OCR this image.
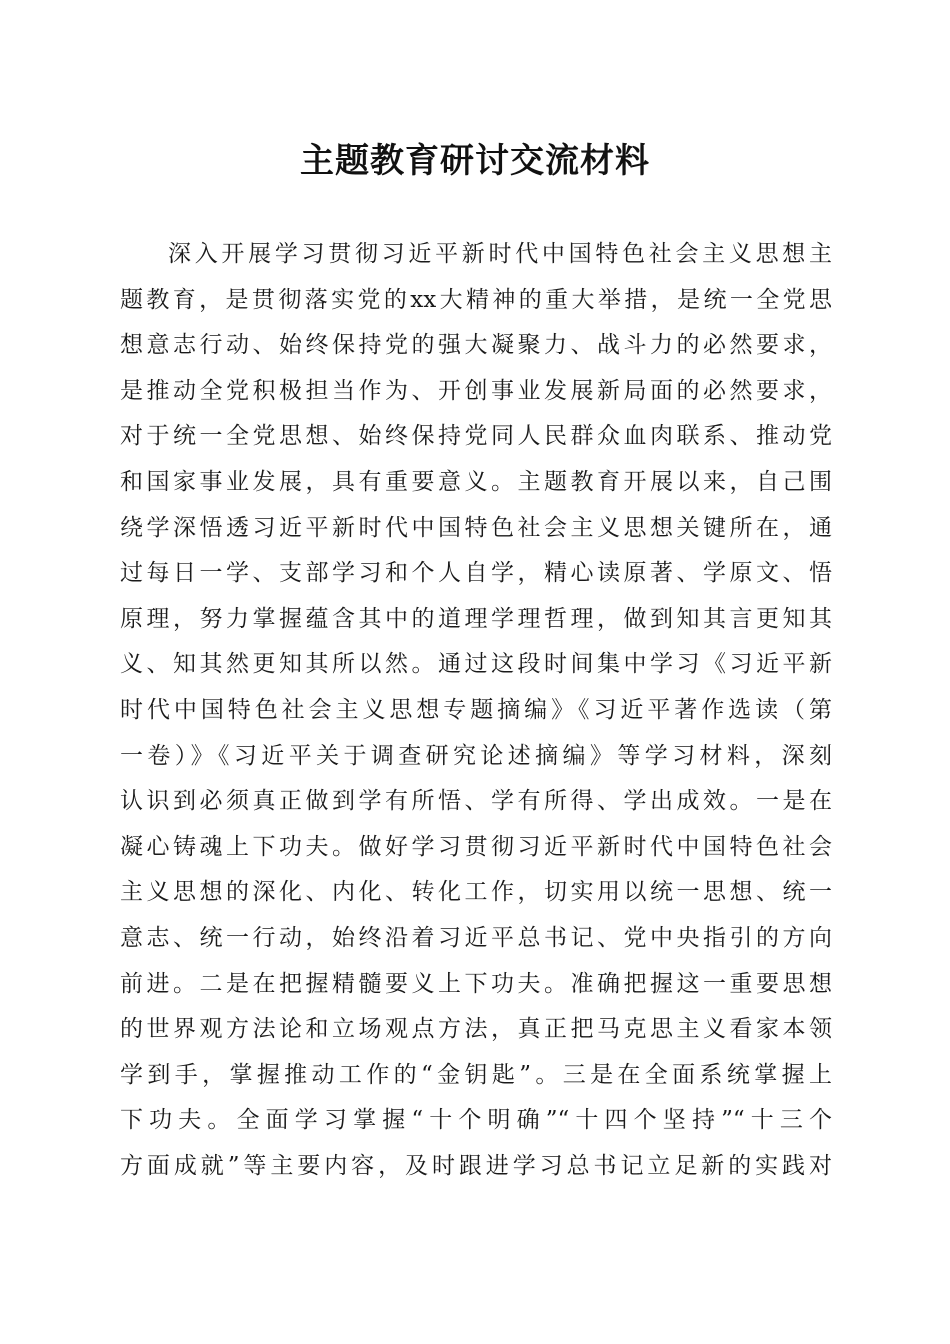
主题教育研讨交流材料
深入开展学习贯彻习近平新时代中国特色社会主义思想主
题教育，是贯彻落实党的xx大精神的重大举措，是统一全党思
想意志行动、始终保持党的强大凝聚力、战斗力的必然要求，
是推动全党积极担当作为、开创事业发展新局面的必然要求，
对于统一全党思想、始终保持党同人民群众血肉联系、推动党
和国家事业发展，具有重要意义。主题教育开展以来，自己围
绕学深悟透习近平新时代中国特色社会主义思想关键所在，通
过每日一学、支部学习和个人自学，精心读原著、学原文、悟
原理，努力掌握蕴含其中的道理学理哲理，做到知其言更知其
义、知其然更知其所以然。通过这段时间集中学习《习近平新
时代中国特色社会主义思想专题摘编》《习近平著作选读（第
一卷）》《习近平关于调查研究论述摘编》等学习材料，深刻
认识到必须真正做到学有所悟、学有所得、学出成效。一是在
凝心铸魂上下功夫。做好学习贯彻习近平新时代中国特色社会
主义思想的深化、内化、转化工作，切实用以统一思想、统一
意志、统一行动，始终沿着习近平总书记、党中央指引的方向
前进。二是在把握精髓要义上下功夫。准确把握这一重要思想
的世界观方法论和立场观点方法，真正把马克思主义看家本领
学到手，掌握推动工作的“金钥匙”。三是在全面系统掌握上
下功夫。全面学习掌握“十个明确”“十四个坚持”“十三个
方面成就”等主要内容，及时跟进学习总书记立足新的实践对
